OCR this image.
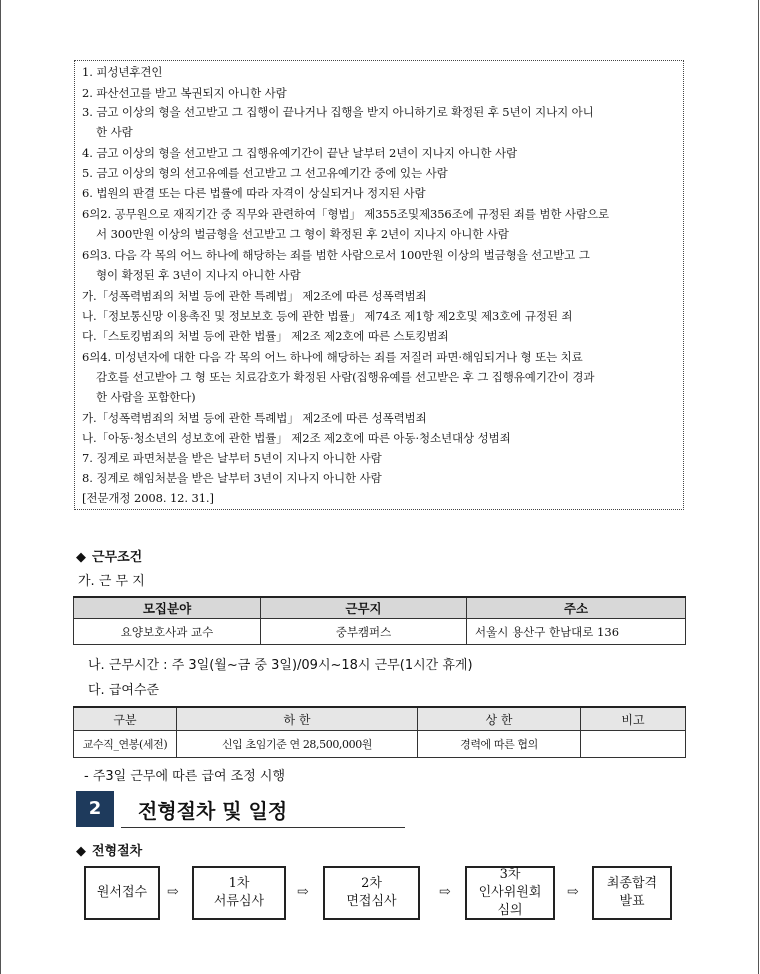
1. 피성년후견인
2. 파산선고를 받고 복권되지 아니한 사람
3. 금고 이상의 형을 선고받고 그 집행이 끝나거나 집행을 받지 아니하기로 확정된 후 5년이 지나지 아니
한 사람
4. 금고 이상의 형을 선고받고 그 집행유예기간이 끝난 날부터 2년이 지나지 아니한 사람
5. 금고 이상의 형의 선고유예를 선고받고 그 선고유예기간 중에 있는 사람
6. 법원의 판결 또는 다른 법률에 따라 자격이 상실되거나 정지된 사람
6의2. 공무원으로 재직기간 중 직무와 관련하여「형법」 제355조및제356조에 규정된 죄를 범한 사람으로
서 300만원 이상의 벌금형을 선고받고 그 형이 확정된 후 2년이 지나지 아니한 사람
6의3. 다음 각 목의 어느 하나에 해당하는 죄를 범한 사람으로서 100만원 이상의 벌금형을 선고받고 그
형이 확정된 후 3년이 지나지 아니한 사람
가.「성폭력범죄의 처벌 등에 관한 특례법」 제2조에 따른 성폭력범죄
나.「정보통신망 이용촉진 및 정보보호 등에 관한 법률」 제74조 제1항 제2호및 제3호에 규정된 죄
다.「스토킹범죄의 처벌 등에 관한 법률」 제2조 제2호에 따른 스토킹범죄
6의4. 미성년자에 대한 다음 각 목의 어느 하나에 해당하는 죄를 저질러 파면·해임되거나 형 또는 치료
감호를 선고받아 그 형 또는 치료감호가 확정된 사람(집행유예를 선고받은 후 그 집행유예기간이 경과
한 사람을 포함한다)
가.「성폭력범죄의 처벌 등에 관한 특례법」 제2조에 따른 성폭력범죄
나.「아동·청소년의 성보호에 관한 법률」 제2조 제2호에 따른 아동·청소년대상 성범죄
7. 징계로 파면처분을 받은 날부터 5년이 지나지 아니한 사람
8. 징계로 해임처분을 받은 날부터 3년이 지나지 아니한 사람
[전문개정 2008. 12. 31.]
◆ 근무조건
가. 근 무 지
모집분야	근무지	주소
요양보호사과 교수	중부캠퍼스	서울시 용산구 한남대로 136
나. 근무시간 : 주 3일(월~금 중 3일)/09시~18시 근무(1시간 휴게)
다. 급여수준
구분	하 한	상 한	비고
교수직_연봉(세전)	신입 초임기준 연 28,500,000원	경력에 따른 협의	
- 주3일 근무에 따른 급여 조정 시행
2	전형절차 및 일정
◆ 전형절차
원서접수
1차
서류심사
2차
면접심사
3차
인사위원회
심의
최종합격
발표
⇨	⇨	⇨	⇨
